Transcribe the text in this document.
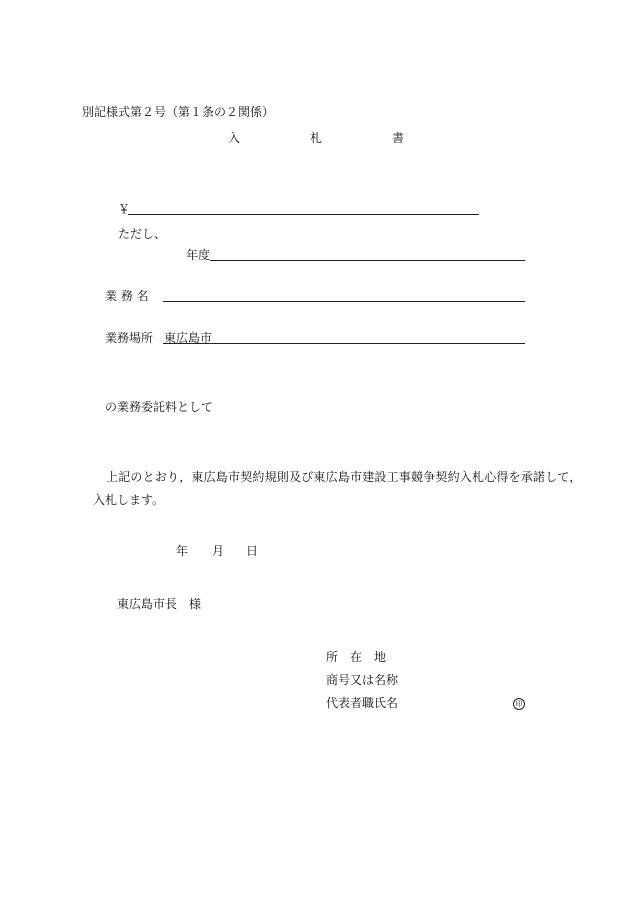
別記様式第２号（第１条の２関係）
入	札	書
￥
ただし、
年度
業 務 名
業務場所 東広島市
の業務委託料として
上記のとおり，東広島市契約規則及び東広島市建設工事競争契約入札心得を承諾して，
入札します。
年 月 日
東広島市長　様
所　在　地
商号又は名称
代表者職氏名	印
